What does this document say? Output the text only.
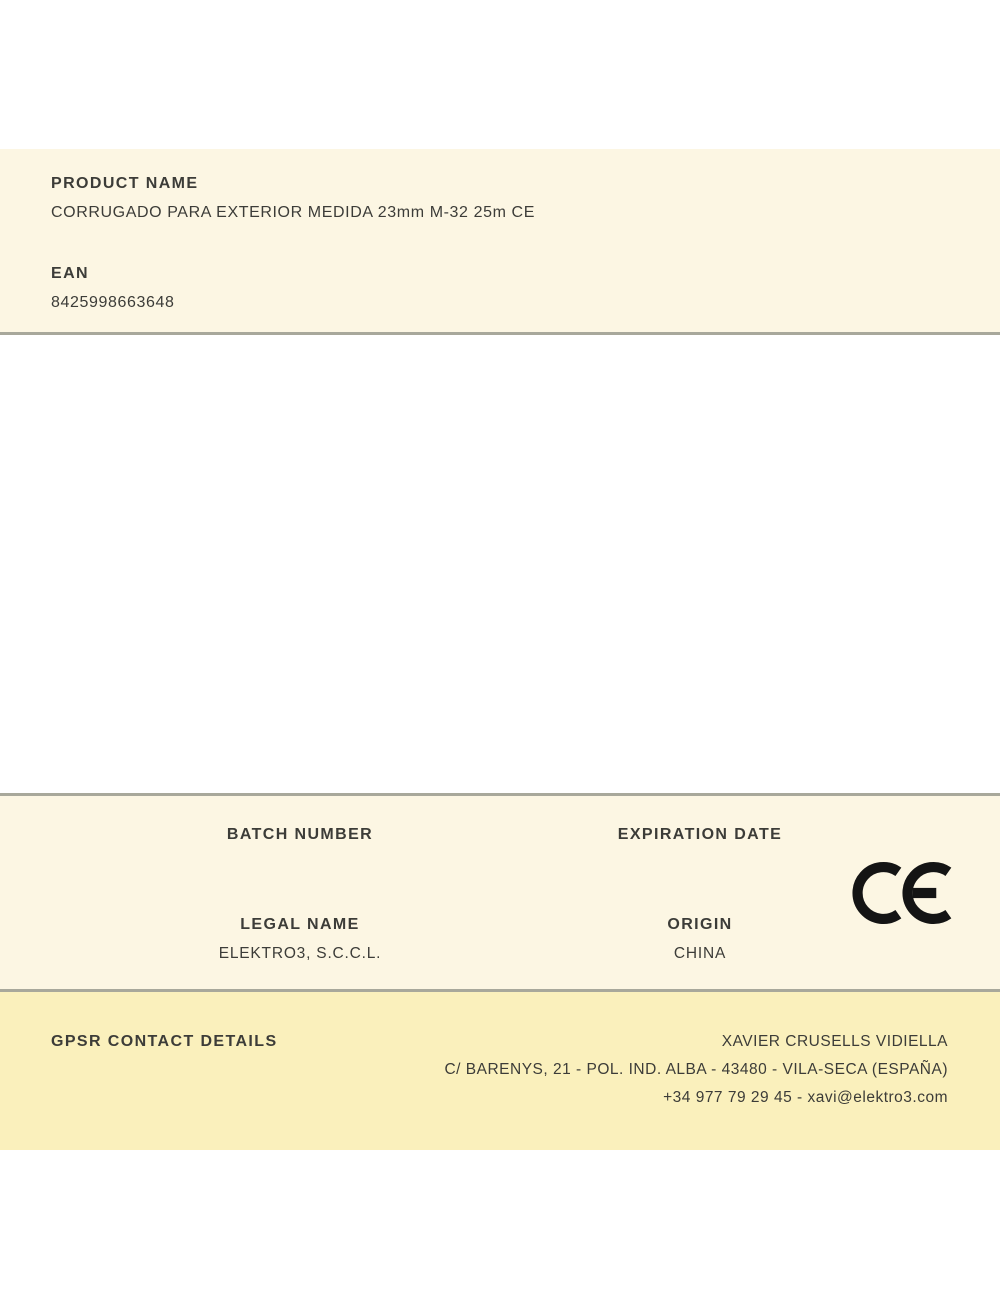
PRODUCT NAME
CORRUGADO PARA EXTERIOR MEDIDA 23mm M-32 25m CE
EAN
8425998663648
BATCH NUMBER	EXPIRATION DATE
LEGAL NAME
ELEKTRO3, S.C.C.L.
ORIGIN
CHINA
GPSR CONTACT DETAILS	XAVIER CRUSELLS VIDIELLA
C/ BARENYS, 21 - POL. IND. ALBA - 43480 - VILA-SECA (ESPAÑA)
+34 977 79 29 45 - xavi@elektro3.com
